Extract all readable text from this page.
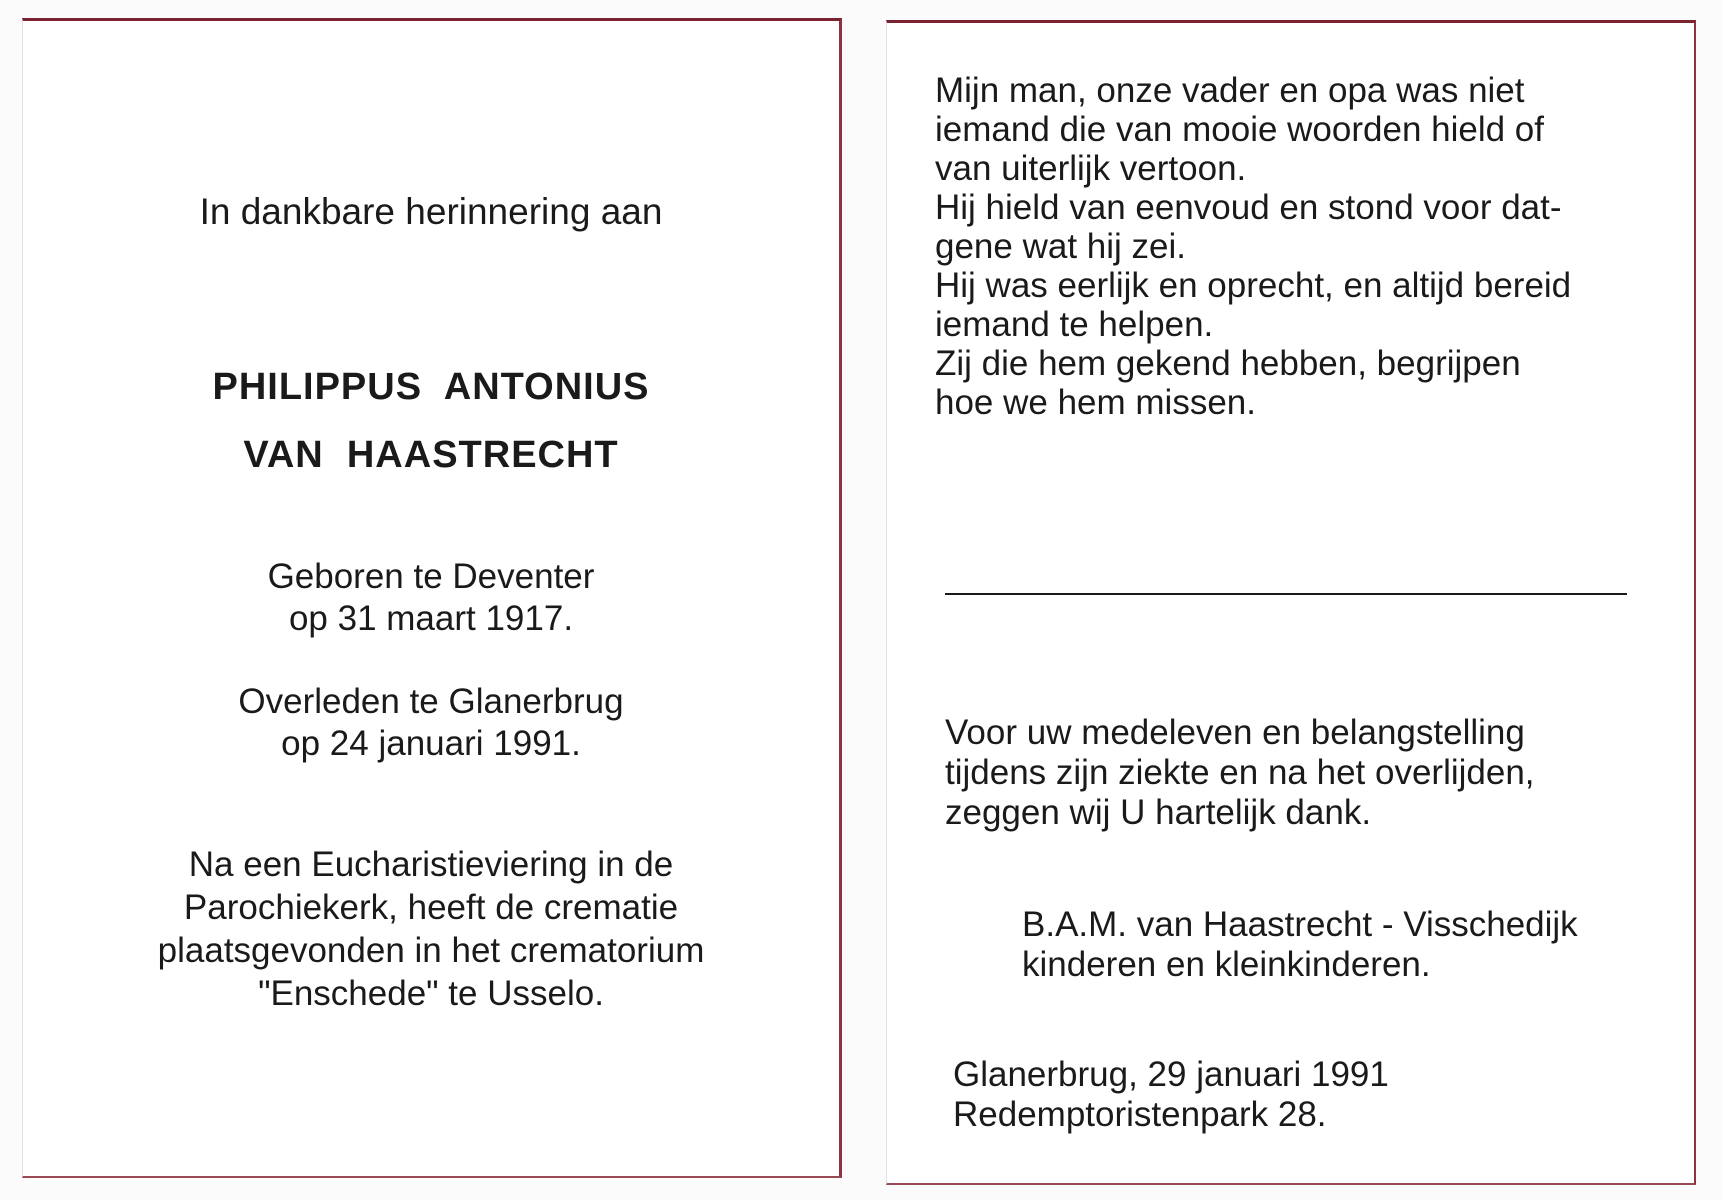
In dankbare herinnering aan

PHILIPPUS  ANTONIUS

VAN  HAASTRECHT

Geboren te Deventer
op 31 maart 1917.
Overleden te Glanerbrug
op 24 januari 1991.
Na een Eucharistieviering in de
Parochiekerk, heeft de crematie
plaatsgevonden in het crematorium
"Enschede" te Usselo.
Mijn man, onze vader en opa was niet
iemand die van mooie woorden hield of
van uiterlijk vertoon.
Hij hield van eenvoud en stond voor dat-
gene wat hij zei.
Hij was eerlijk en oprecht, en altijd bereid
iemand te helpen.
Zij die hem gekend hebben, begrijpen
hoe we hem missen.
Voor uw medeleven en belangstelling
tijdens zijn ziekte en na het overlijden,
zeggen wij U hartelijk dank.
B.A.M. van Haastrecht - Visschedijk
kinderen en kleinkinderen.
Glanerbrug, 29 januari 1991
Redemptoristenpark 28.
